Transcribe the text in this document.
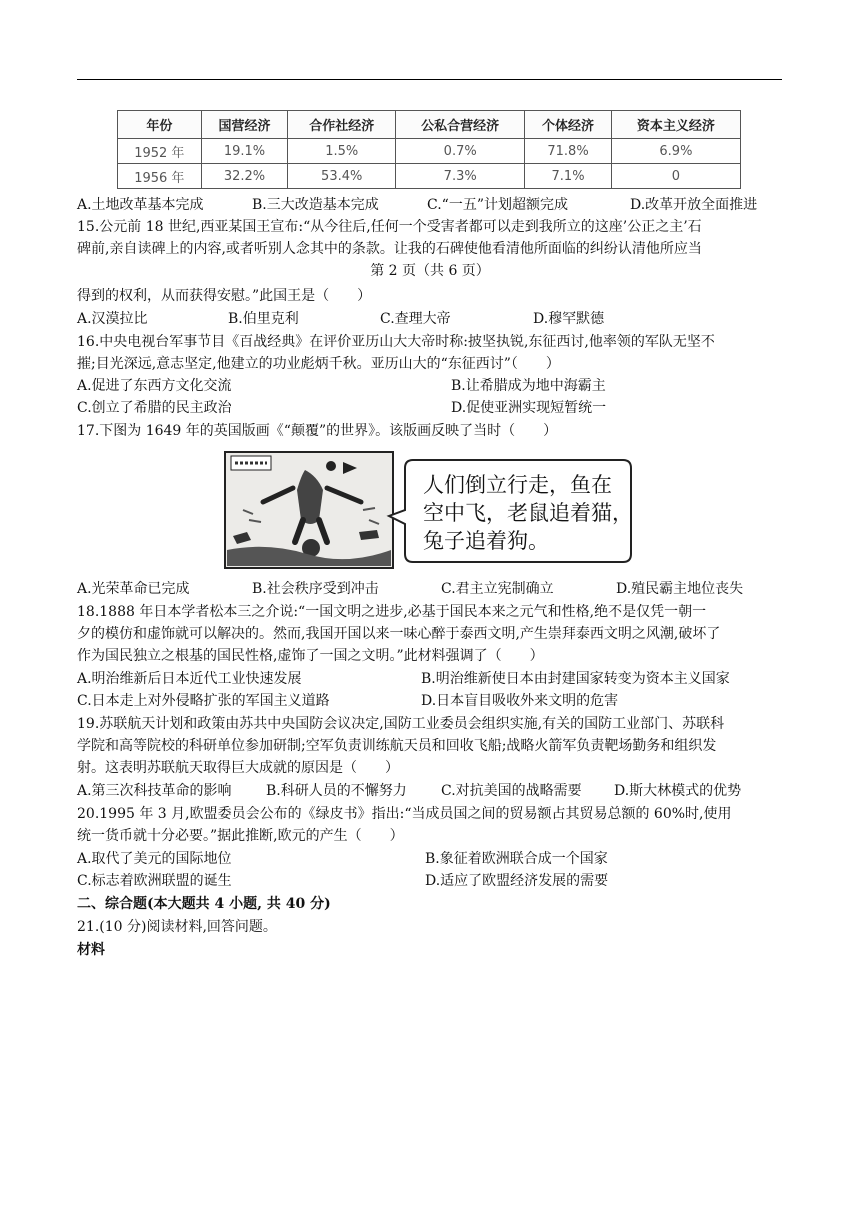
年份	国营经济	合作社经济	公私合营经济	个体经济	资本主义经济
1952 年	19.1%	1.5%	0.7%	71.8%	6.9%
1956 年	32.2%	53.4%	7.3%	7.1%	0
A.土地改革基本完成	B.三大改造基本完成	C.“一五”计划超额完成	D.改革开放全面推进
15.公元前 18 世纪,西亚某国王宣布:“从今往后,任何一个受害者都可以走到我所立的这座’公正之主’石
碑前,亲自读碑上的内容,或者听别人念其中的条款。让我的石碑使他看清他所面临的纠纷认清他所应当
第 2 页（共 6 页）
得到的权利，从而获得安慰。”此国王是（　　）
A.汉漠拉比	B.伯里克利	C.查理大帝	D.穆罕默德
16.中央电视台军事节目《百战经典》在评价亚历山大大帝时称:披坚执锐,东征西讨,他率领的军队无坚不
摧;目光深远,意志坚定,他建立的功业彪炳千秋。亚历山大的“东征西讨”（　　）
A.促进了东西方文化交流	B.让希腊成为地中海霸主
C.创立了希腊的民主政治	D.促使亚洲实现短暂统一
17.下图为 1649 年的英国版画《“颠覆”的世界》。该版画反映了当时（　　）
人们倒立行走，鱼在
空中飞，老鼠追着猫，
兔子追着狗。
A.光荣革命已完成	B.社会秩序受到冲击	C.君主立宪制确立	D.殖民霸主地位丧失
18.1888 年日本学者松本三之介说:“一国文明之进步,必基于国民本来之元气和性格,绝不是仅凭一朝一
夕的模仿和虚饰就可以解决的。然而,我国开国以来一味心醉于泰西文明,产生崇拜泰西文明之风潮,破坏了
作为国民独立之根基的国民性格,虚饰了一国之文明。”此材料强调了（　　）
A.明治维新后日本近代工业快速发展	B.明治维新使日本由封建国家转变为资本主义国家
C.日本走上对外侵略扩张的军国主义道路	D.日本盲目吸收外来文明的危害
19.苏联航天计划和政策由苏共中央国防会议决定,国防工业委员会组织实施,有关的国防工业部门、苏联科
学院和高等院校的科研单位参加研制;空军负责训练航天员和回收飞船;战略火箭军负责靶场勤务和组织发
射。这表明苏联航天取得巨大成就的原因是（　　）
A.第三次科技革命的影响 B.科研人员的不懈努力 C.对抗美国的战略需要 D.斯大林模式的优势
20.1995 年 3 月,欧盟委员会公布的《绿皮书》指出:“当成员国之间的贸易额占其贸易总额的 60%时,使用
统一货币就十分必要。”据此推断,欧元的产生（　　）
A.取代了美元的国际地位	B.象征着欧洲联合成一个国家
C.标志着欧洲联盟的诞生	D.适应了欧盟经济发展的需要
二、综合题(本大题共 4 小题, 共 40 分)
21.(10 分)阅读材料,回答问题。
材料
